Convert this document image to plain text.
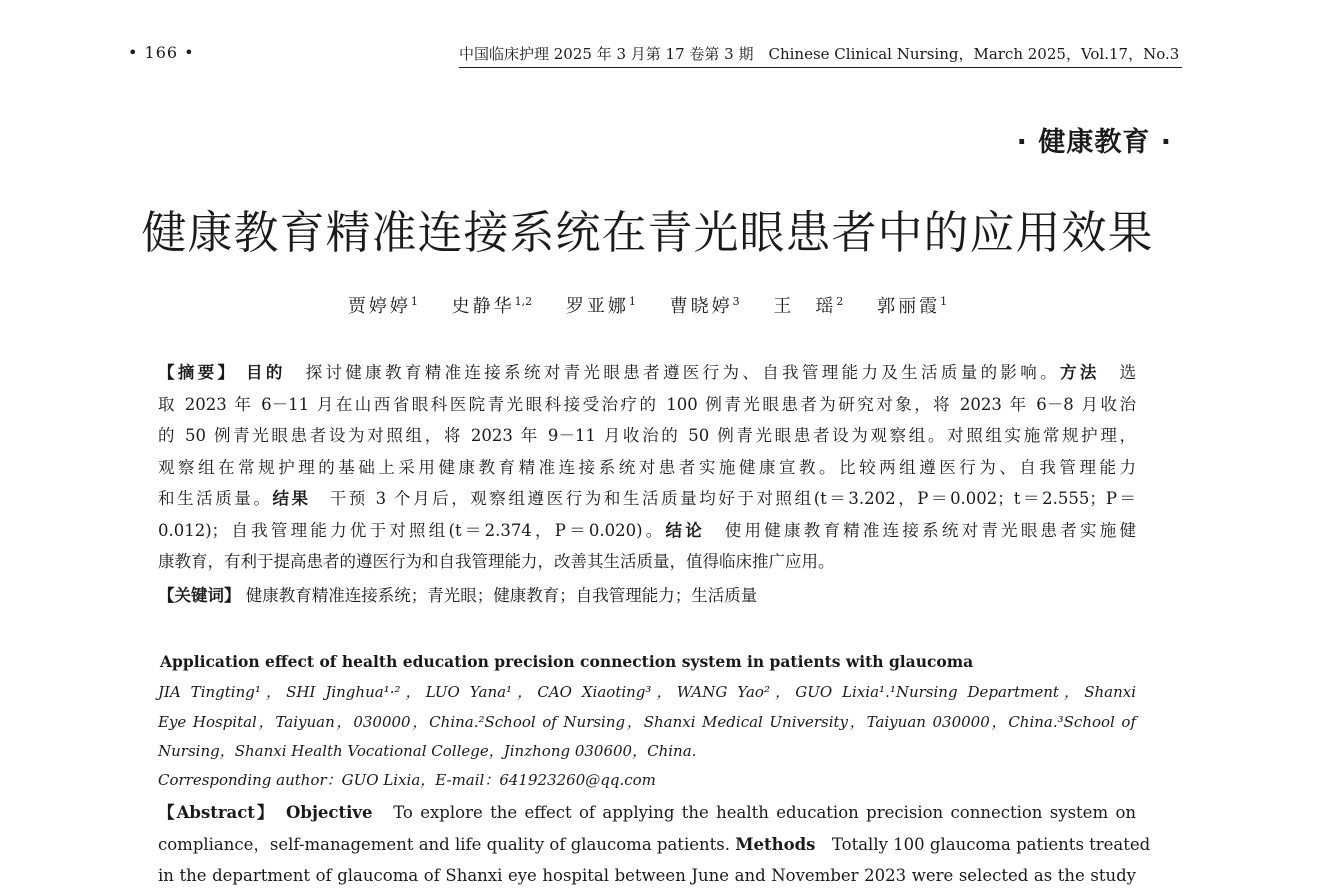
• 166 •	中国临床护理 2025 年 3 月第 17 卷第 3 期　Chinese Clinical Nursing，March 2025，Vol.17，No.3
· 健康教育 ·
健康教育精准连接系统在青光眼患者中的应用效果
贾婷婷$^1$ 史静华$^{1,2}$ 罗亚娜$^1$ 曹晓婷$^3$ 王　瑶$^2$ 郭丽霞$^1$
【摘要】 目的　 探讨健康教育精准连接系统对青光眼患者遵医行为、自我管理能力及生活质量的影响。方法　 选
取 2023 年 6－11 月在山西省眼科医院青光眼科接受治疗的 100 例青光眼患者为研究对象，将 2023 年 6－8 月收治
的 50 例青光眼患者设为对照组，将 2023 年 9－11 月收治的 50 例青光眼患者设为观察组。对照组实施常规护理，
观察组在常规护理的基础上采用健康教育精准连接系统对患者实施健康宣教。比较两组遵医行为、自我管理能力
和生活质量。结果　 干预 3 个月后，观察组遵医行为和生活质量均好于对照组(t＝3.202，P＝0.002；t＝2.555；P＝
0.012)；自我管理能力优于对照组(t＝2.374，P＝0.020)。结论　 使用健康教育精准连接系统对青光眼患者实施健
康教育，有利于提高患者的遵医行为和自我管理能力，改善其生活质量，值得临床推广应用。
【关键词】 健康教育精准连接系统；青光眼；健康教育；自我管理能力；生活质量
Application effect of health education precision connection system in patients with glaucoma
JIA Tingting¹，SHI Jinghua¹·²，LUO Yana¹，CAO Xiaoting³，WANG Yao²，GUO Lixia¹.¹Nursing Department，Shanxi
Eye Hospital，Taiyuan，030000，China.²School of Nursing，Shanxi Medical University，Taiyuan 030000，China.³School of
Nursing，Shanxi Health Vocational College，Jinzhong 030600，China.
Corresponding author：GUO Lixia，E-mail：641923260@qq.com
【Abstract】　 Objective　 To explore the effect of applying the health education precision connection system on
compliance，self-management and life quality of glaucoma patients. Methods　 Totally 100 glaucoma patients treated
in the department of glaucoma of Shanxi eye hospital between June and November 2023 were selected as the study
